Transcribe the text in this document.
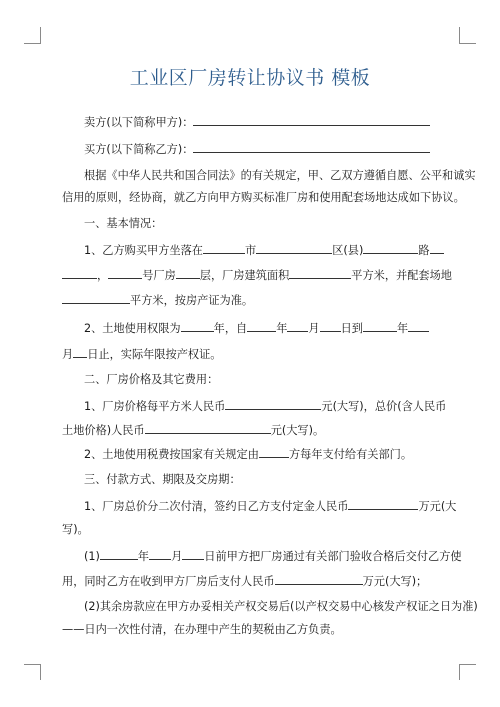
工业区厂房转让协议书 模板
卖方(以下简称甲方)：
买方(以下简称乙方)：
根据《中华人民共和国合同法》的有关规定，甲、乙双方遵循自愿、公平和诚实
信用的原则，经协商，就乙方向甲方购买标准厂房和使用配套场地达成如下协议。
一、基本情况：
1、乙方购买甲方坐落在	市	区(县)	路
，	号厂房 层，厂房建筑面积	平方米，并配套场地
平方米，按房产证为准。
2、土地使用权限为	年，自	年 月 日到	年
月 日止，实际年限按产权证。
二、厂房价格及其它费用：
1、厂房价格每平方米人民币	元(大写)，总价(含人民币
土地价格)人民币	元(大写)。
2、土地使用税费按国家有关规定由	方每年支付给有关部门。
三、付款方式、期限及交房期：
1、厂房总价分二次付清，签约日乙方支付定金人民币	万元(大
写)。
(1)	年 月 日前甲方把厂房通过有关部门验收合格后交付乙方使
用，同时乙方在收到甲方厂房后支付人民币	万元(大写)；
(2)其余房款应在甲方办妥相关产权交易后(以产权交易中心核发产权证之日为准)
——日内一次性付清，在办理中产生的契税由乙方负责。
